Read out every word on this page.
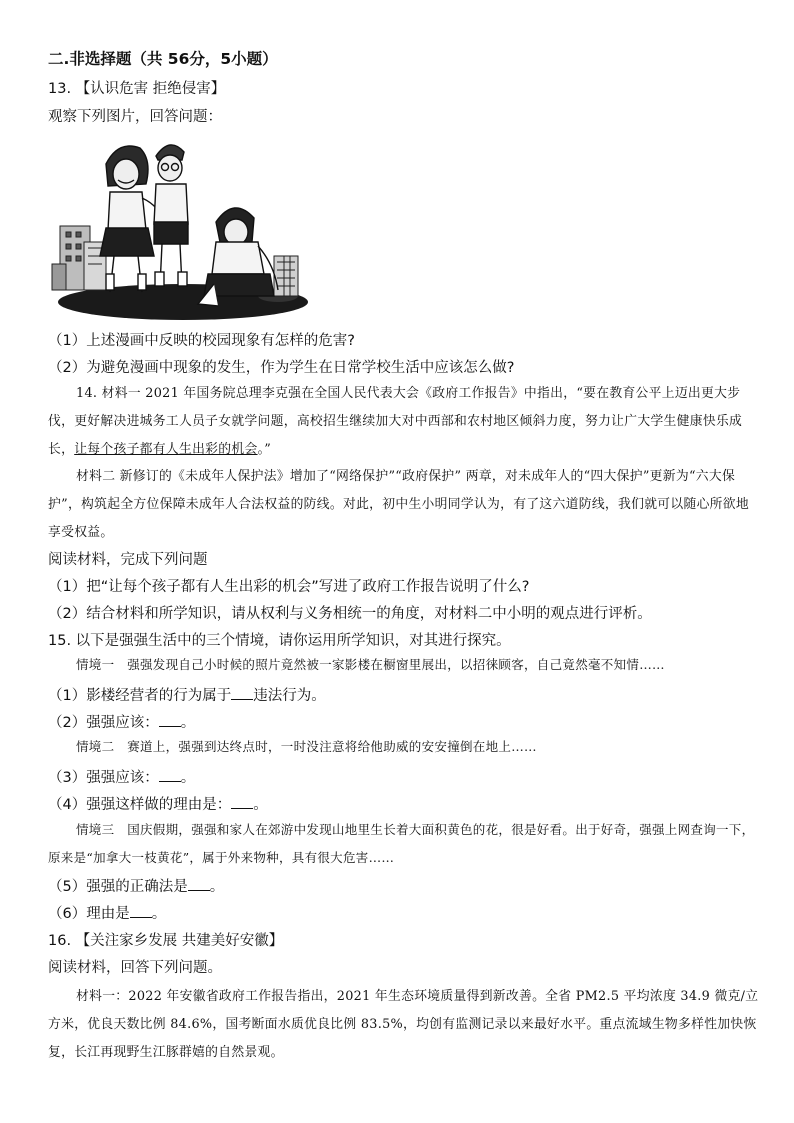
二.非选择题（共 56分，5小题）
13. 【认识危害 拒绝侵害】
观察下列图片，回答问题：
（1）上述漫画中反映的校园现象有怎样的危害?
（2）为避免漫画中现象的发生，作为学生在日常学校生活中应该怎么做?
14. 材料一 2021 年国务院总理李克强在全国人民代表大会《政府工作报告》中指出，“要在教育公平上迈出更大步伐，更好解决进城务工人员子女就学问题，高校招生继续加大对中西部和农村地区倾斜力度，努力让广大学生健康快乐成长，让每个孩子都有人生出彩的机会。”
材料二 新修订的《未成年人保护法》增加了“网络保护”“政府保护” 两章，对未成年人的“四大保护”更新为“六大保护”，构筑起全方位保障未成年人合法权益的防线。对此，初中生小明同学认为，有了这六道防线，我们就可以随心所欲地享受权益。
阅读材料，完成下列问题
（1）把“让每个孩子都有人生出彩的机会”写进了政府工作报告说明了什么?
（2）结合材料和所学知识，请从权利与义务相统一的角度，对材料二中小明的观点进行评析。
15. 以下是强强生活中的三个情境，请你运用所学知识，对其进行探究。
情境一　强强发现自己小时候的照片竟然被一家影楼在橱窗里展出，以招徕顾客，自己竟然毫不知情……
（1）影楼经营者的行为属于 违法行为。
（2）强强应该： 。
情境二　赛道上，强强到达终点时，一时没注意将给他助威的安安撞倒在地上……
（3）强强应该： 。
（4）强强这样做的理由是： 。
情境三　国庆假期，强强和家人在郊游中发现山地里生长着大面积黄色的花，很是好看。出于好奇，强强上网查询一下，原来是“加拿大一枝黄花”，属于外来物种，具有很大危害……
（5）强强的正确法是 。
（6）理由是 。
16. 【关注家乡发展 共建美好安徽】
阅读材料，回答下列问题。
材料一：2022 年安徽省政府工作报告指出，2021 年生态环境质量得到新改善。全省 PM2.5 平均浓度 34.9 微克/立方米，优良天数比例 84.6%，国考断面水质优良比例 83.5%，均创有监测记录以来最好水平。重点流域生物多样性加快恢复，长江再现野生江豚群嬉的自然景观。
